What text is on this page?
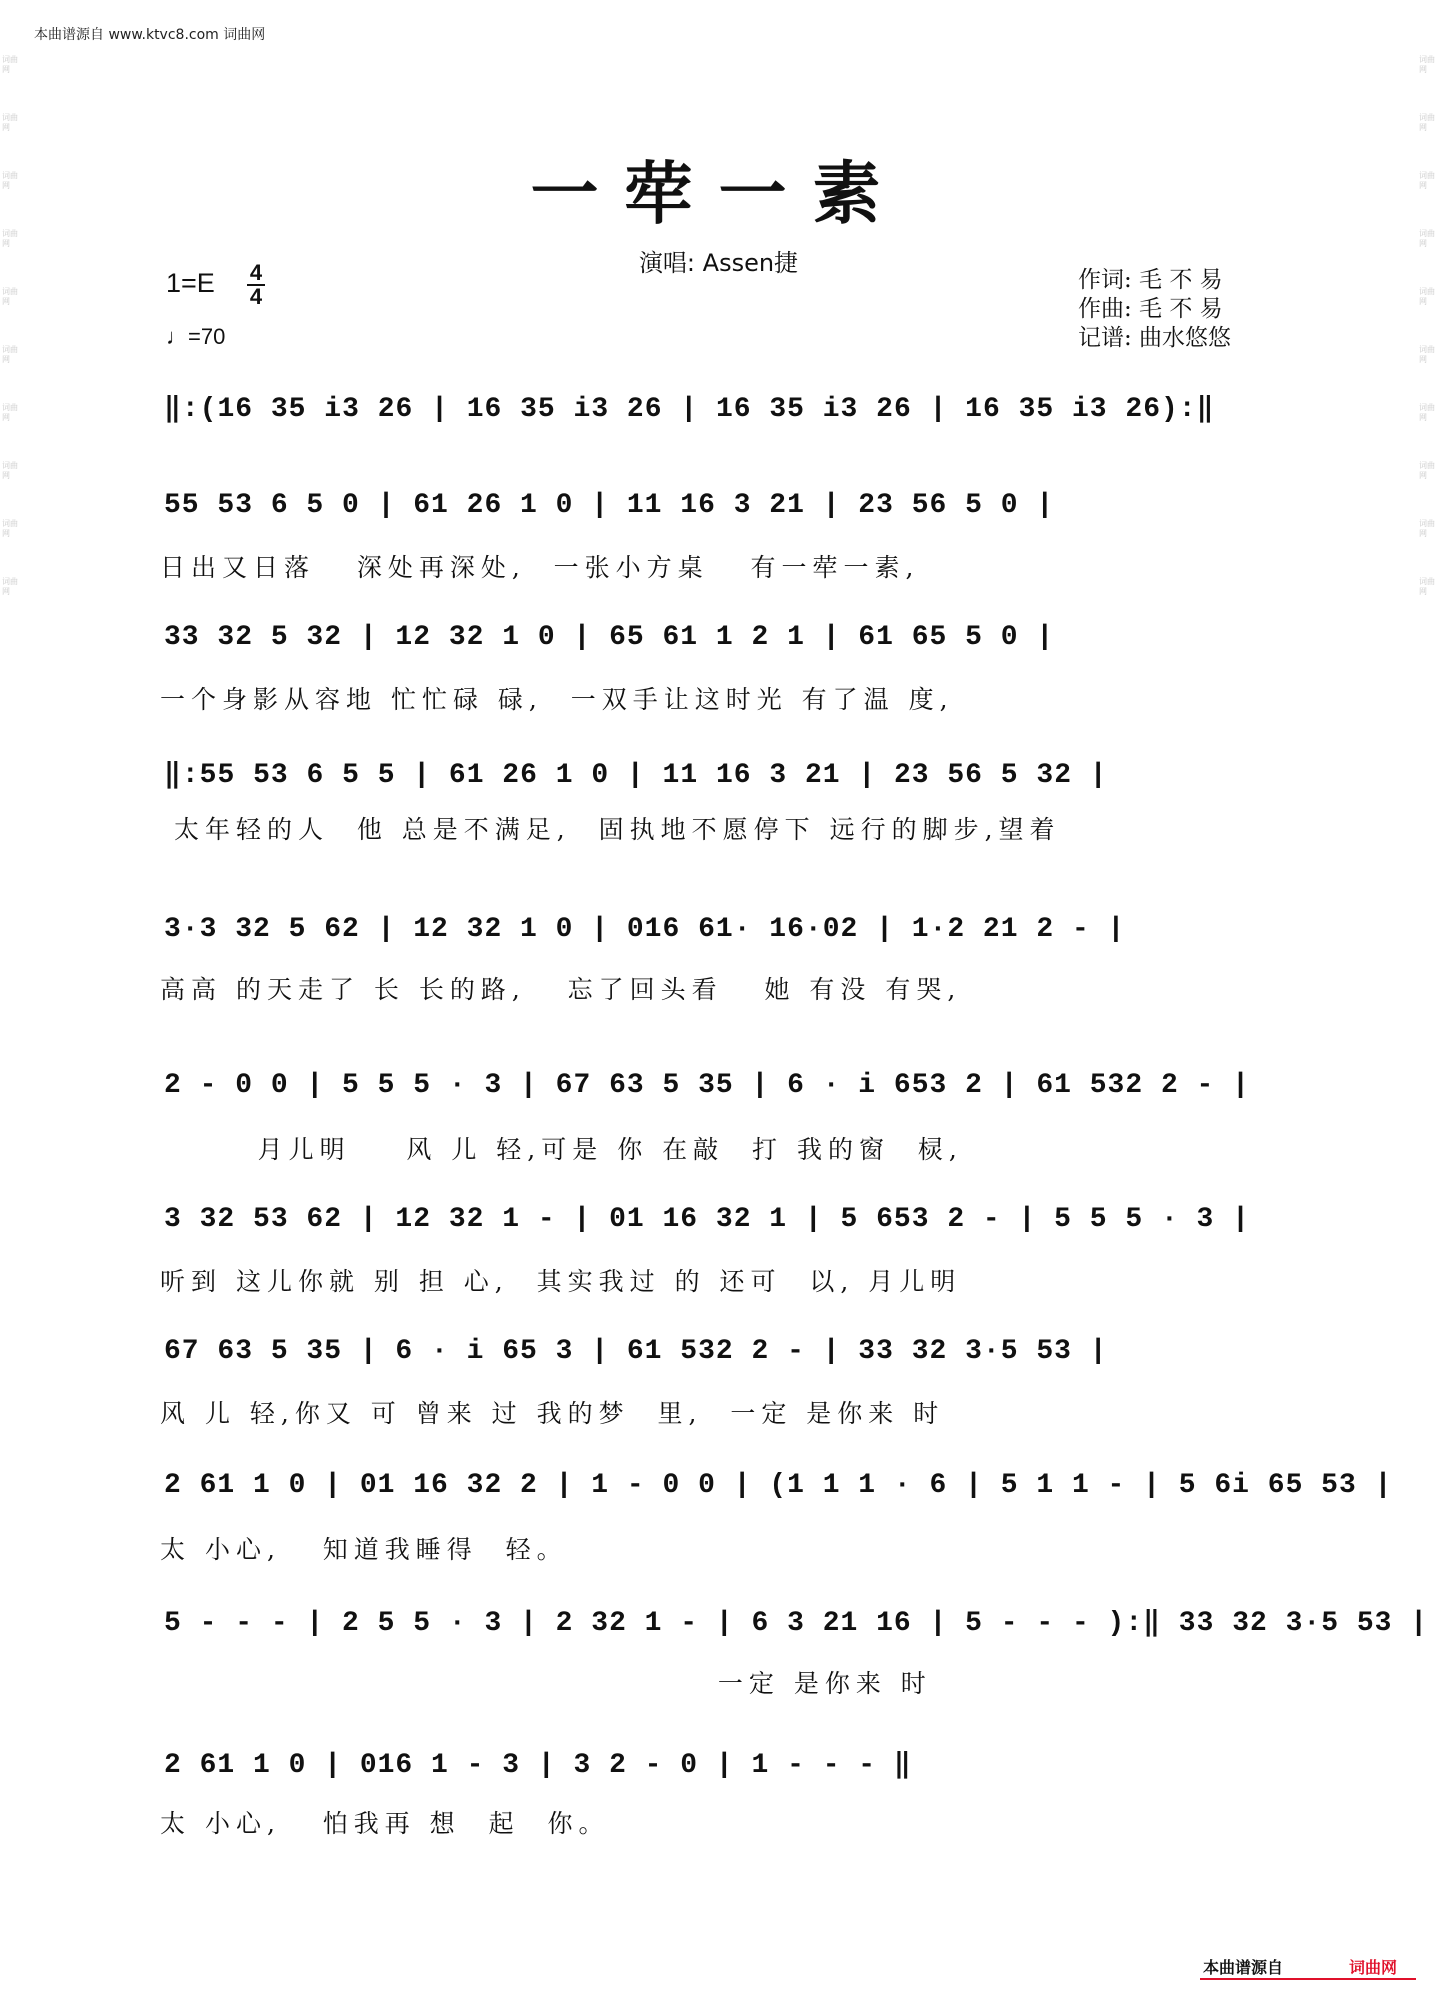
本曲谱源自 www.ktvc8.com 词曲网
词曲网
词曲网
词曲网
词曲网
词曲网
词曲网
词曲网
词曲网
词曲网
词曲网
词曲网
词曲网
词曲网
词曲网
词曲网
词曲网
词曲网
词曲网
词曲网
词曲网
一荦一素
演唱: Assen捷
$1=E \frac{4}{4}$
♩=70
作词: 毛 不 易
作曲: 毛 不 易
记谱: 曲水悠悠
‖:(16 35 i3 26 | 16 35 i3 26 | 16 35 i3 26 | 16 35 i3 26):‖
55 53 6 5 0 | 61 26 1 0 | 11 16 3 21 | 23 56 5 0 |
日出又日落   深处再深处,  一张小方桌   有一荦一素,
33 32 5 32 | 12 32 1 0 | 65 61 1 2 1 | 61 65 5 0 |
一个身影从容地 忙忙碌 碌,  一双手让这时光 有了温 度,
‖:55 53 6 5 5 | 61 26 1 0 | 11 16 3 21 | 23 56 5 32 |
太年轻的人  他 总是不满足,  固执地不愿停下 远行的脚步,望着
3·3 32 5 62 | 12 32 1 0 | 016 61· 16·02 | 1·2 21 2 - |
高高 的天走了 长 长的路,   忘了回头看   她 有没 有哭,
2 - 0 0 | 5 5 5 · 3 | 67 63 5 35 | 6 · i 653 2 | 61 532 2 - |
月儿明    风 儿 轻,可是 你 在敲  打 我的窗  棂,
3 32 53 62 | 12 32 1 - | 01 16 32 1 | 5 653 2 - | 5 5 5 · 3 |
听到 这儿你就 别 担 心,  其实我过 的 还可  以, 月儿明
67 63 5 35 | 6 · i 65 3 | 61 532 2 - | 33 32 3·5 53 |
风 儿 轻,你又 可 曾来 过 我的梦  里,  一定 是你来 时
2 61 1 0 | 01 16 32 2 | 1 - 0 0 | (1 1 1 · 6 | 5 1 1 - | 5 6i 65 53 |
太 小心,   知道我睡得  轻。
5 - - - | 2 5 5 · 3 | 2 32 1 - | 6 3 21 16 | 5 - - - ):‖ 33 32 3·5 53 |
一定 是你来 时
2 61 1 0 | 016 1 - 3 | 3 2 - 0 | 1 - - - ‖
太 小心,   怕我再 想  起  你。
本曲谱源自	词曲网
